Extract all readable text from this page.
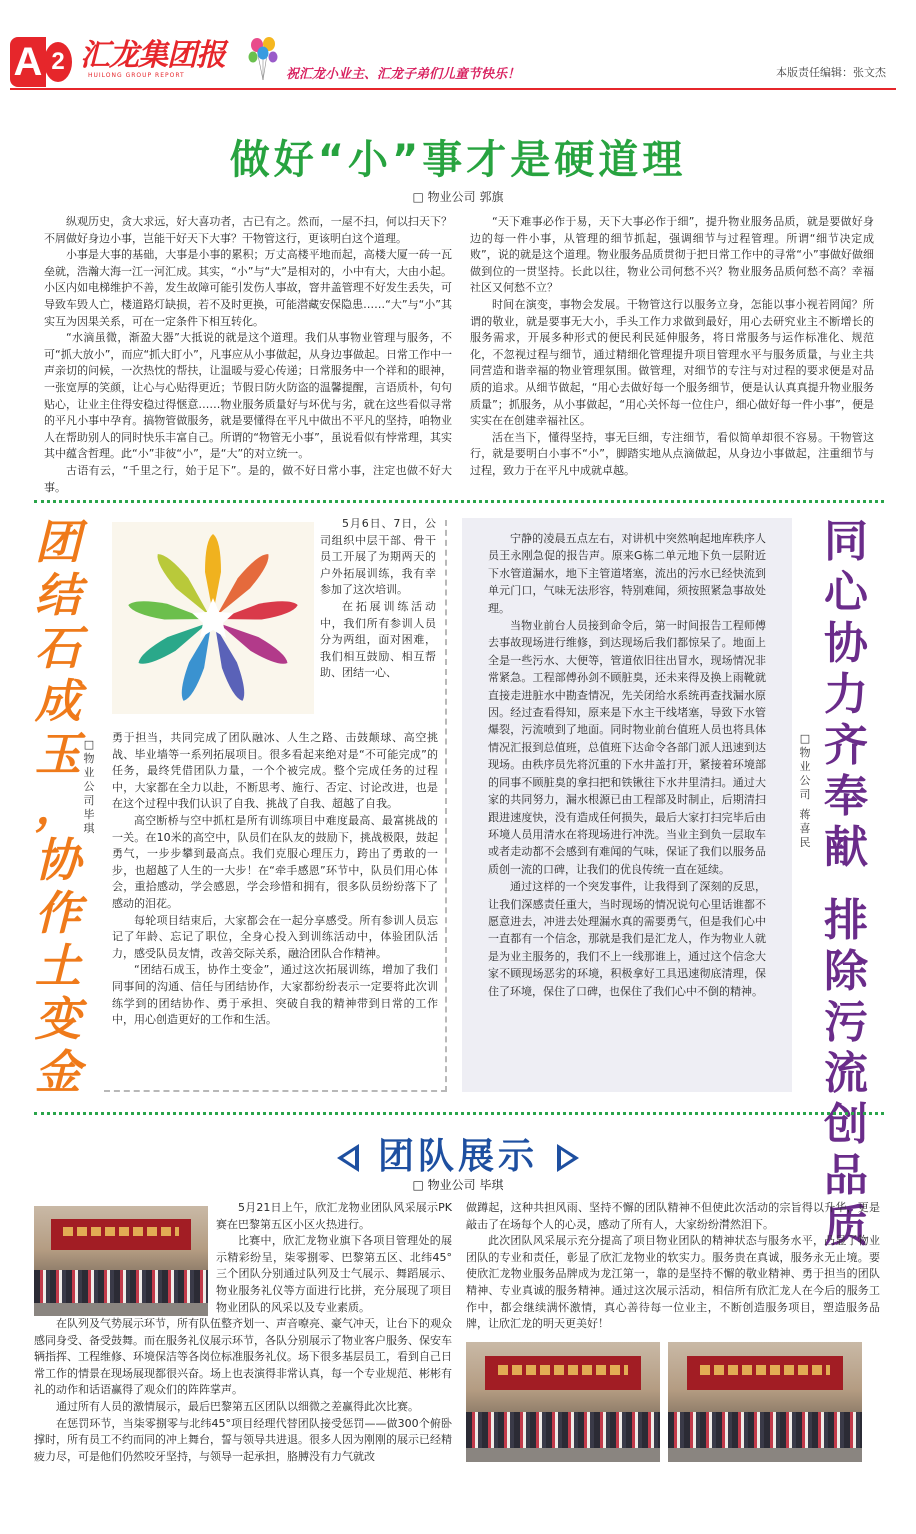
A 2 汇龙集团报
HUILONG GROUP REPORT	祝汇龙小业主、汇龙子弟们儿童节快乐！	本版责任编辑：张文杰
做好“小”事才是硬道理
□ 物业公司 郭旗

纵观历史，贪大求远，好大喜功者，古已有之。然而，一屋不扫，何以扫天下？不屑做好身边小事，岂能干好天下大事？干物管这行，更该明白这个道理。

小事是大事的基础，大事是小事的累积；万丈高楼平地而起，高楼大厦一砖一瓦垒就，浩瀚大海一江一河汇成。其实，“小”与“大”是相对的，小中有大，大由小起。小区内如电梯维护不善，发生故障可能引发伤人事故，窨井盖管理不好发生丢失，可导致车毁人亡，楼道路灯缺损，若不及时更换，可能潜藏安保隐患……“大”与“小”其实互为因果关系，可在一定条件下相互转化。

“水滴虽微，渐盈大器”大抵说的就是这个道理。我们从事物业管理与服务，不可“抓大放小”，而应“抓大盯小”，凡事应从小事做起，从身边事做起。日常工作中一声亲切的问候，一次热忱的帮扶，让温暖与爱心传递；日常服务中一个祥和的眼神，一张宽厚的笑颜，让心与心贴得更近；节假日防火防盗的温馨提醒，言语质朴，句句贴心，让业主住得安稳过得惬意……物业服务质量好与坏优与劣，就在这些看似寻常的平凡小事中孕育。搞物管做服务，就是要懂得在平凡中做出不平凡的坚持，咱物业人在帮助别人的同时快乐丰富自己。所谓的“物管无小事”，虽说看似有悖常理，其实其中蕴含哲理。此“小”非彼“小”，是“大”的对立统一。

古语有云，“千里之行，始于足下”。是的，做不好日常小事，注定也做不好大事。

“天下难事必作于易，天下大事必作于细”，提升物业服务品质，就是要做好身边的每一件小事，从管理的细节抓起，强调细节与过程管理。所谓“细节决定成败”，说的就是这个道理。物业服务品质贯彻于把日常工作中的寻常“小”事做好做细做到位的一贯坚持。长此以往，物业公司何愁不兴？物业服务品质何愁不高？幸福社区又何愁不立？

时间在演变，事物会发展。干物管这行以服务立身，怎能以事小视若罔闻？所谓的敬业，就是要事无大小，手头工作力求做到最好，用心去研究业主不断增长的服务需求，开展多种形式的便民利民延伸服务，将日常服务与运作标准化、规范化，不忽视过程与细节，通过精细化管理提升项目管理水平与服务质量，与业主共同营造和谐幸福的物业管理氛围。做管理，对细节的专注与对过程的要求便是对品质的追求。从细节做起，“用心去做好每一个服务细节，便是认认真真提升物业服务质量”；抓服务，从小事做起，“用心关怀每一位住户，细心做好每一件小事”，便是实实在在创建幸福社区。

活在当下，懂得坚持，事无巨细，专注细节，看似简单却很不容易。干物管这行，就是要明白小事不“小”，脚踏实地从点滴做起，从身边小事做起，注重细节与过程，致力于在平凡中成就卓越。

团
结
石
成
玉
，
协
作
土
变
金
□
物
业
公
司
毕
琪

5月6日、7日，公司组织中层干部、骨干员工开展了为期两天的户外拓展训练，我有幸参加了这次培训。

在拓展训练活动中，我们所有参训人员分为两组，面对困难，我们相互鼓励、相互帮助、团结一心、

勇于担当，共同完成了团队融冰、人生之路、击鼓颠球、高空挑战、毕业墙等一系列拓展项目。很多看起来绝对是“不可能完成”的任务，最终凭借团队力量，一个个被完成。整个完成任务的过程中，大家都在全力以赴，不断思考、施行、否定、讨论改进，也是在这个过程中我们认识了自我、挑战了自我、超越了自我。

高空断桥与空中抓杠是所有训练项目中难度最高、最富挑战的一关。在10米的高空中，队员们在队友的鼓励下，挑战极限，鼓起勇气，一步步攀到最高点。我们克服心理压力，跨出了勇敢的一步，也超越了人生的一大步！在“牵手感恩”环节中，队员们用心体会，重拾感动，学会感恩，学会珍惜和拥有，很多队员纷纷落下了感动的泪花。

每轮项目结束后，大家都会在一起分享感受。所有参训人员忘记了年龄、忘记了职位，全身心投入到训练活动中，体验团队活力，感受队员友情，改善交际关系，融洽团队合作精神。

“团结石成玉，协作土变金”，通过这次拓展训练，增加了我们同事间的沟通、信任与团结协作，大家都纷纷表示一定要将此次训练学到的团结协作、勇于承担、突破自我的精神带到日常的工作中，用心创造更好的工作和生活。

宁静的凌晨五点左右，对讲机中突然响起地库秩序人员王永刚急促的报告声。原来G栋二单元地下负一层附近下水管道漏水，地下主管道堵塞，流出的污水已经快流到单元门口，气味无法形容，特别难闻，须按照紧急事故处理。

当物业前台人员接到命令后，第一时间报告工程师傅去事故现场进行维修，到达现场后我们都惊呆了。地面上全是一些污水、大便等，管道依旧往出冒水，现场情况非常紧急。工程部傅孙剑不顾脏臭，还未来得及换上雨靴就直接走进脏水中勘查情况，先关闭给水系统再查找漏水原因。经过查看得知，原来是下水主干线堵塞，导致下水管爆裂，污流喷到了地面。同时物业前台值班人员也将具体情况汇报到总值班，总值班下达命令各部门派人迅速到达现场。由秩序员先将沉重的下水井盖打开，紧接着环境部的同事不顾脏臭的拿扫把和铁锹往下水井里清扫。通过大家的共同努力，漏水根源已由工程部及时制止，后期清扫跟进速度快，没有造成任何损失，最后大家打扫完毕后由环境人员用清水在将现场进行冲洗。当业主到负一层取车或者走动都不会感到有难闻的气味，保证了我们以服务品质创一流的口碑，让我们的优良传统一直在延续。

通过这样的一个突发事件，让我得到了深刻的反思，让我们深感责任重大，当时现场的情况说句心里话谁都不愿意进去，冲进去处理漏水真的需要勇气，但是我们心中一直都有一个信念，那就是我们是汇龙人，作为物业人就是为业主服务的，我们不上一线那谁上，通过这个信念大家不顾现场恶劣的环境，积极拿好工具迅速彻底清理，保住了环境，保住了口碑，也保住了我们心中不倒的精神。

□
物
业
公
司
蒋
喜
民
同
心
协
力
齐
奉
献
排
除
污
流
创
品
质
团队展示
□ 物业公司 毕琪

5月21日上午，欣汇龙物业团队风采展示PK赛在巴黎第五区小区火热进行。

比赛中，欣汇龙物业旗下各项目管理处的展示精彩纷呈，柒零捌零、巴黎第五区、北纬45°三个团队分别通过队列及士气展示、舞蹈展示、物业服务礼仪等方面进行比拼，充分展现了项目物业团队的风采以及专业素质。

在队列及气势展示环节，所有队伍整齐划一、声音嘹亮、豪气冲天，让台下的观众感同身受、备受鼓舞。而在服务礼仪展示环节，各队分别展示了物业客户服务、保安车辆指挥、工程维修、环境保洁等各岗位标准服务礼仪。场下很多基层员工，看到自己日常工作的情景在现场展现都很兴奋。场上也表演得非常认真，每一个专业规范、彬彬有礼的动作和话语赢得了观众们的阵阵掌声。

通过所有人员的激情展示，最后巴黎第五区团队以细微之差赢得此次比赛。

在惩罚环节，当柒零捌零与北纬45°项目经理代替团队接受惩罚——做300个俯卧撑时，所有员工不约而同的冲上舞台，誓与领导共进退。很多人因为刚刚的展示已经精疲力尽，可是他们仍然咬牙坚持，与领导一起承担，胳膊没有力气就改

做蹲起，这种共担风雨、坚持不懈的团队精神不但使此次活动的宗旨得以升华，更是敲击了在场每个人的心灵，感动了所有人，大家纷纷潸然泪下。

此次团队风采展示充分提高了项目物业团队的精神状态与服务水平，凸显了物业团队的专业和责任，彰显了欣汇龙物业的软实力。服务贵在真诚，服务永无止境。要使欣汇龙物业服务品牌成为龙江第一，靠的是坚持不懈的敬业精神、勇于担当的团队精神、专业真诚的服务精神。通过这次展示活动，相信所有欣汇龙人在今后的服务工作中，都会继续满怀激情，真心善待每一位业主，不断创造服务项目，塑造服务品牌，让欣汇龙的明天更美好！
